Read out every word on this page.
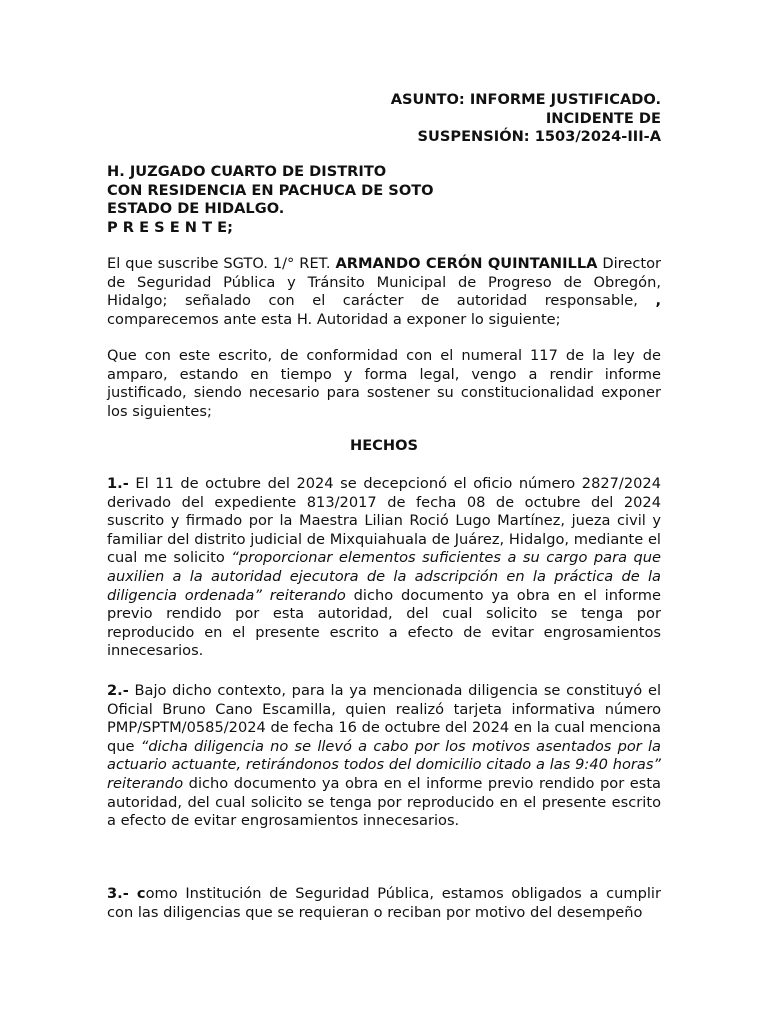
ASUNTO: INFORME JUSTIFICADO.
INCIDENTE DE
SUSPENSIÓN: 1503/2024-III-A
H. JUZGADO CUARTO DE DISTRITO
CON RESIDENCIA EN PACHUCA DE SOTO
ESTADO DE HIDALGO.
P R E S E N T E;

El que suscribe SGTO. 1/° RET. ARMANDO CERÓN QUINTANILLA Director de Seguridad Pública y Tránsito Municipal de Progreso de Obregón, Hidalgo; señalado con el carácter de autoridad responsable, , comparecemos ante esta H. Autoridad a exponer lo siguiente;

Que con este escrito, de conformidad con el numeral 117 de la ley de amparo, estando en tiempo y forma legal, vengo a rendir informe justificado, siendo necesario para sostener su constitucionalidad exponer los siguientes;

HECHOS

1.- El 11 de octubre del 2024 se decepcionó el oficio número 2827/2024 derivado del expediente 813/2017 de fecha 08 de octubre del 2024 suscrito y firmado por la Maestra Lilian Roció Lugo Martínez, jueza civil y familiar del distrito judicial de Mixquiahuala de Juárez, Hidalgo, mediante el cual me solicito “proporcionar elementos suficientes a su cargo para que auxilien a la autoridad ejecutora de la adscripción en la práctica de la diligencia ordenada” reiterando dicho documento ya obra en el informe previo rendido por esta autoridad, del cual solicito se tenga por reproducido en el presente escrito a efecto de evitar engrosamientos innecesarios.

2.- Bajo dicho contexto, para la ya mencionada diligencia se constituyó el Oficial Bruno Cano Escamilla, quien realizó tarjeta informativa número PMP/SPTM/0585/2024 de fecha 16 de octubre del 2024 en la cual menciona que “dicha diligencia no se llevó a cabo por los motivos asentados por la actuario actuante, retirándonos todos del domicilio citado a las 9:40 horas” reiterando dicho documento ya obra en el informe previo rendido por esta autoridad, del cual solicito se tenga por reproducido en el presente escrito a efecto de evitar engrosamientos innecesarios.

3.- como Institución de Seguridad Pública, estamos obligados a cumplir con las diligencias que se requieran o reciban por motivo del desempeño
